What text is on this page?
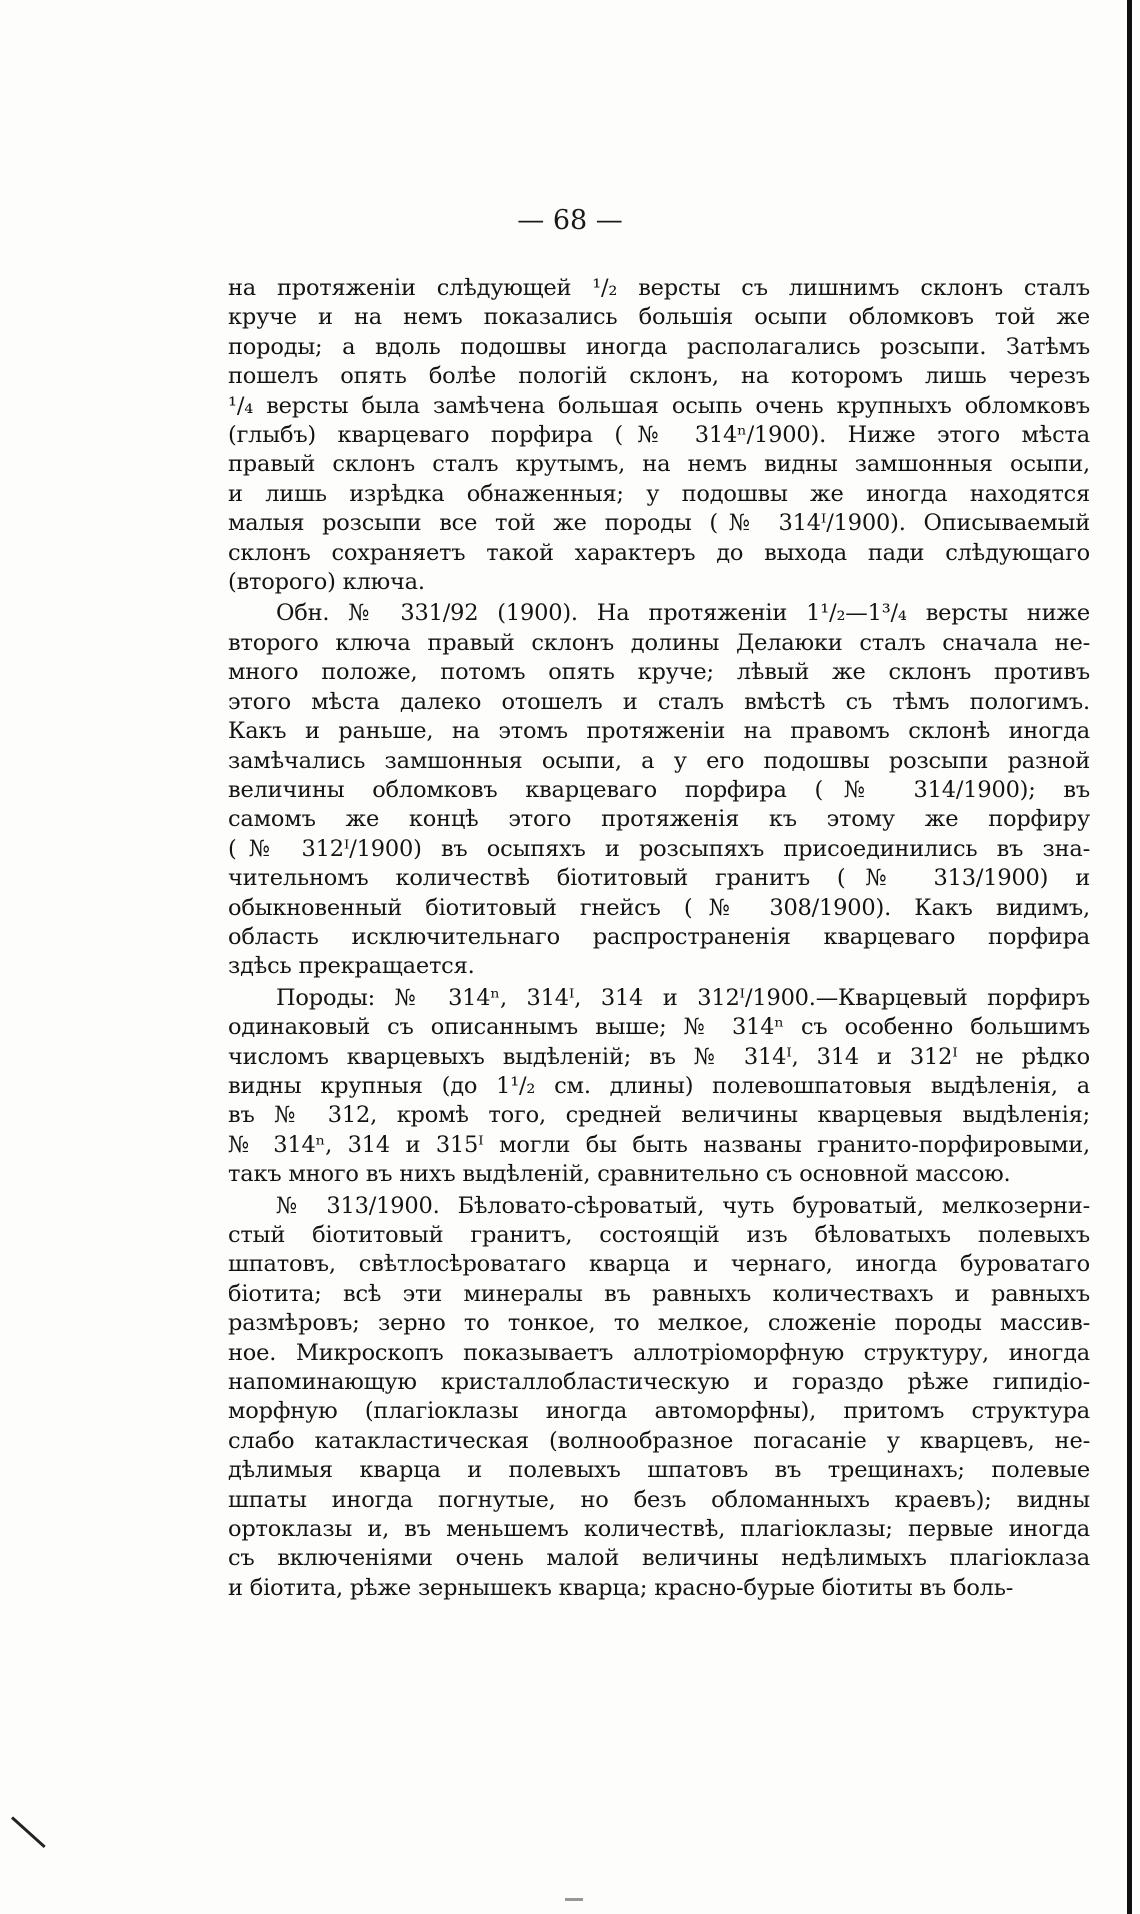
— 68 —
на протяженіи слѣдующей ¹/₂ версты съ лишнимъ склонъ сталъ
круче и на немъ показались большія осыпи обломковъ той же
породы; а вдоль подошвы иногда располагались розсыпи. Затѣмъ
пошелъ опять болѣе пологій склонъ, на которомъ лишь черезъ
¹/₄ версты была замѣчена большая осыпь очень крупныхъ обломковъ
(глыбъ) кварцеваго порфира (№ 314ⁿ/1900). Ниже этого мѣста
правый склонъ сталъ крутымъ, на немъ видны замшонныя осыпи,
и лишь изрѣдка обнаженныя; у подошвы же иногда находятся
малыя розсыпи все той же породы (№ 314ᴵ/1900). Описываемый
склонъ сохраняетъ такой характеръ до выхода пади слѣдующаго
(второго) ключа.
Обн. № 331/92 (1900). На протяженіи 1¹/₂—1³/₄ версты ниже
второго ключа правый склонъ долины Делаюки сталъ сначала не-
много положе, потомъ опять круче; лѣвый же склонъ противъ
этого мѣста далеко отошелъ и сталъ вмѣстѣ съ тѣмъ пологимъ.
Какъ и раньше, на этомъ протяженіи на правомъ склонѣ иногда
замѣчались замшонныя осыпи, а у его подошвы розсыпи разной
величины обломковъ кварцеваго порфира (№ 314/1900); въ
самомъ же концѣ этого протяженія къ этому же порфиру
(№ 312ᴵ/1900) въ осыпяхъ и розсыпяхъ присоединились въ зна-
чительномъ количествѣ біотитовый гранитъ (№ 313/1900) и
обыкновенный біотитовый гнейсъ (№ 308/1900). Какъ видимъ,
область исключительнаго распространенія кварцеваго порфира
здѣсь прекращается.
Породы: № 314ⁿ, 314ᴵ, 314 и 312ᴵ/1900.—Кварцевый порфиръ
одинаковый съ описаннымъ выше; № 314ⁿ съ особенно большимъ
числомъ кварцевыхъ выдѣленій; въ № 314ᴵ, 314 и 312ᴵ не рѣдко
видны крупныя (до 1¹/₂ см. длины) полевошпатовыя выдѣленія, а
въ № 312, кромѣ того, средней величины кварцевыя выдѣленія;
№ 314ⁿ, 314 и 315ᴵ могли бы быть названы гранито-порфировыми,
такъ много въ нихъ выдѣленій, сравнительно съ основной массою.
№ 313/1900. Бѣловато-сѣроватый, чуть буроватый, мелкозерни-
стый біотитовый гранитъ, состоящій изъ бѣловатыхъ полевыхъ
шпатовъ, свѣтлосѣроватаго кварца и чернаго, иногда буроватаго
біотита; всѣ эти минералы въ равныхъ количествахъ и равныхъ
размѣровъ; зерно то тонкое, то мелкое, сложеніе породы массив-
ное. Микроскопъ показываетъ аллотріоморфную структуру, иногда
напоминающую кристаллобластическую и гораздо рѣже гипидіо-
морфную (плагіоклазы иногда автоморфны), притомъ структура
слабо катакластическая (волнообразное погасаніе у кварцевъ, не-
дѣлимыя кварца и полевыхъ шпатовъ въ трещинахъ; полевые
шпаты иногда погнутые, но безъ обломанныхъ краевъ); видны
ортоклазы и, въ меньшемъ количествѣ, плагіоклазы; первые иногда
съ включеніями очень малой величины недѣлимыхъ плагіоклаза
и біотита, рѣже зернышекъ кварца; красно-бурые біотиты въ боль-
